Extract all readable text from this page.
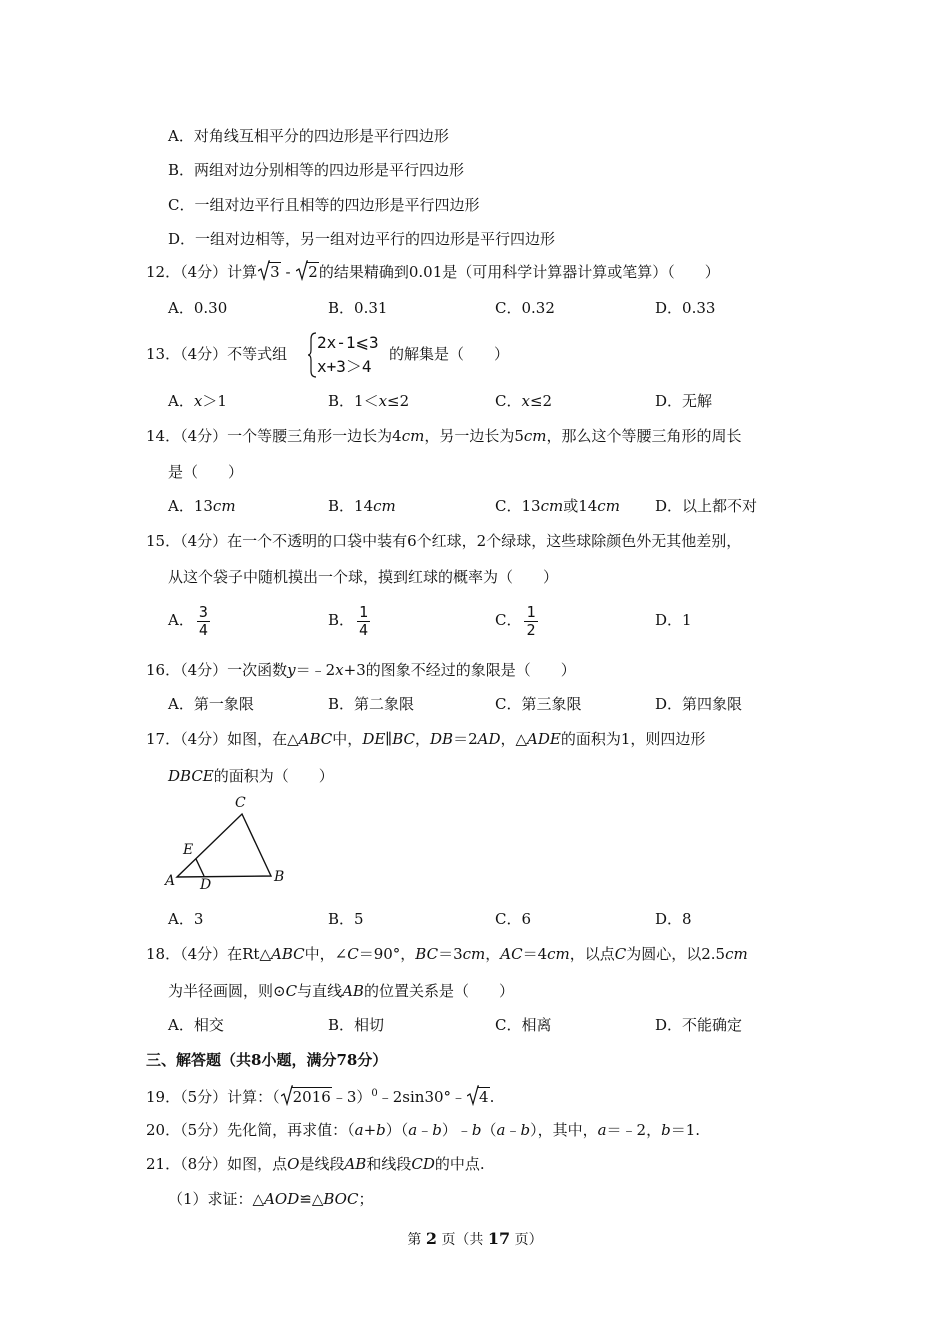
A．对角线互相平分的四边形是平行四边形
B．两组对边分别相等的四边形是平行四边形
C．一组对边平行且相等的四边形是平行四边形
D．一组对边相等，另一组对边平行的四边形是平行四边形
12．（4分）计算 3 -
2的结果精确到0.01是（可用科学计算器计算或笔算）（　　）
A．0.30	B．0.31	C．0.32	D．0.33
13．（4分）不等式组
2x-1⩽3
x+3＞4
的解集是（　　）
A．x＞1	B．1＜x≤2	C．x≤2	D．无解
14．（4分）一个等腰三角形一边长为4cm，另一边长为5cm，那么这个等腰三角形的周长
是（　　）
A．13cm	B．14cm	C．13cm或14cm D．以上都不对
15．（4分）在一个不透明的口袋中装有6个红球，2个绿球，这些球除颜色外无其他差别，
从这个袋子中随机摸出一个球，摸到红球的概率为（　　）
A． $\frac{3}{4}$	B． $\frac{1}{4}$	C． $\frac{1}{2}$	D．1
16．（4分）一次函数y＝﹣2x+3的图象不经过的象限是（　　）
A．第一象限	B．第二象限	C．第三象限	D．第四象限
17．（4分）如图，在△ABC中，DE∥BC，DB＝2AD，△ADE的面积为1，则四边形
DBCE的面积为（　　）
C
E
A D	B
A．3	B．5	C．6	D．8
18．（4分）在Rt△ABC中，∠C＝90°，BC＝3cm，AC＝4cm，以点C为圆心，以2.5cm
为半径画圆，则⊙C与直线AB的位置关系是（　　）
A．相交	B．相切	C．相离	D．不能确定
三、解答题（共8小题，满分78分）
19．（5分）计算：（ 2016﹣3）$^0$﹣2sin30°﹣ 4.
20．（5分）先化简，再求值：（a+b）（a﹣b）﹣b（a﹣b），其中，a＝﹣2，b＝1.
21．（8分）如图，点O是线段AB和线段CD的中点.
（1）求证：△AOD≌△BOC；
第 2 页（共 17 页）
